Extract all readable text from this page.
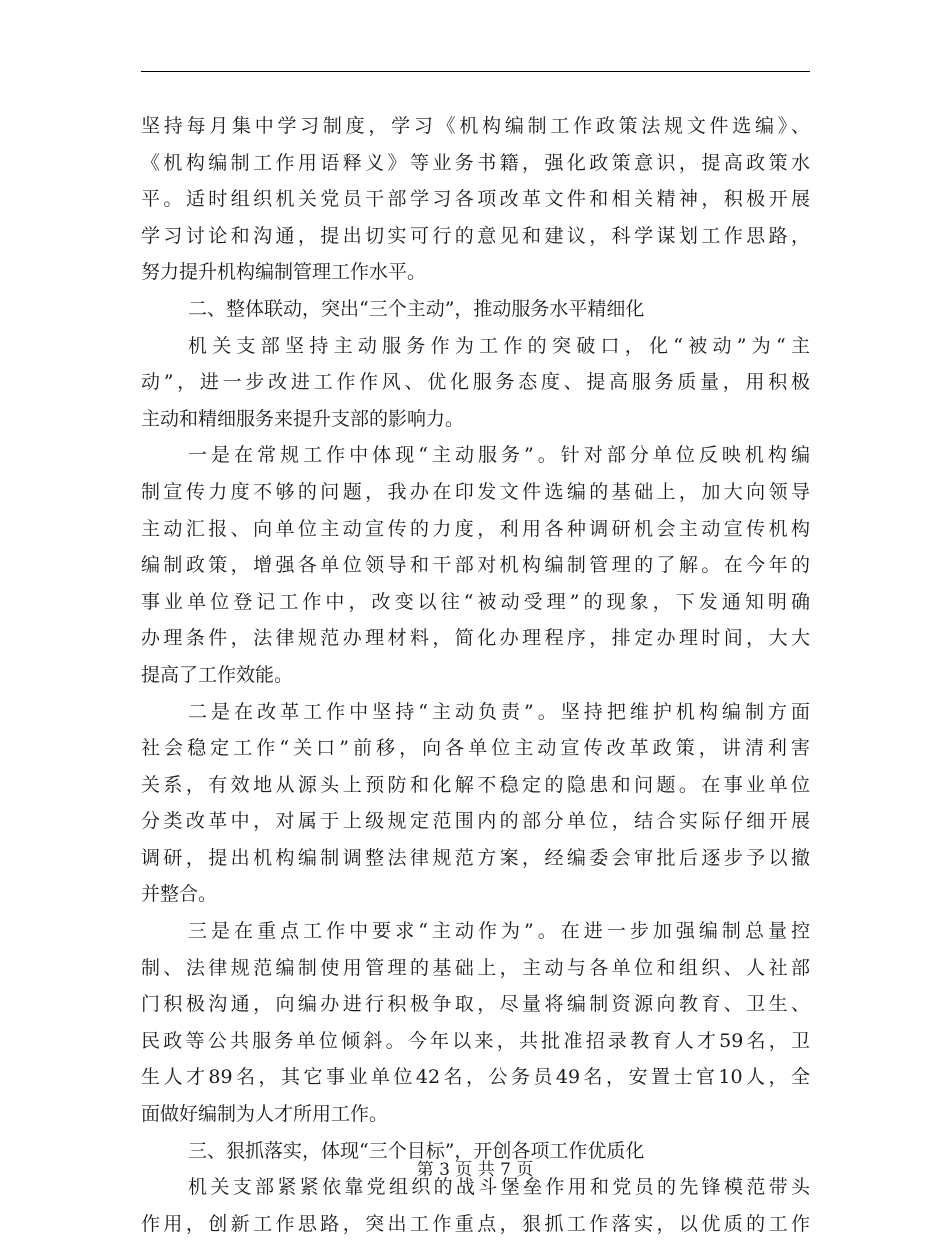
坚持每月集中学习制度，学习《机构编制工作政策法规文件选编》、
《机构编制工作用语释义》等业务书籍，强化政策意识，提高政策水
平。适时组织机关党员干部学习各项改革文件和相关精神，积极开展
学习讨论和沟通，提出切实可行的意见和建议，科学谋划工作思路，
努力提升机构编制管理工作水平。
二、整体联动，突出“三个主动”，推动服务水平精细化
机关支部坚持主动服务作为工作的突破口，化“被动”为“主
动”，进一步改进工作作风、优化服务态度、提高服务质量，用积极
主动和精细服务来提升支部的影响力。
一是在常规工作中体现“主动服务”。针对部分单位反映机构编
制宣传力度不够的问题，我办在印发文件选编的基础上，加大向领导
主动汇报、向单位主动宣传的力度，利用各种调研机会主动宣传机构
编制政策，增强各单位领导和干部对机构编制管理的了解。在今年的
事业单位登记工作中，改变以往“被动受理”的现象，下发通知明确
办理条件，法律规范办理材料，简化办理程序，排定办理时间，大大
提高了工作效能。
二是在改革工作中坚持“主动负责”。坚持把维护机构编制方面
社会稳定工作“关口”前移，向各单位主动宣传改革政策，讲清利害
关系，有效地从源头上预防和化解不稳定的隐患和问题。在事业单位
分类改革中，对属于上级规定范围内的部分单位，结合实际仔细开展
调研，提出机构编制调整法律规范方案，经编委会审批后逐步予以撤
并整合。
三是在重点工作中要求“主动作为”。在进一步加强编制总量控
制、法律规范编制使用管理的基础上，主动与各单位和组织、人社部
门积极沟通，向编办进行积极争取，尽量将编制资源向教育、卫生、
民政等公共服务单位倾斜。今年以来，共批准招录教育人才59名，卫
生人才89名，其它事业单位42名，公务员49名，安置士官10人，全
面做好编制为人才所用工作。
三、狠抓落实，体现“三个目标”，开创各项工作优质化
机关支部紧紧依靠党组织的战斗堡垒作用和党员的先锋模范带头
作用，创新工作思路，突出工作重点，狠抓工作落实，以优质的工作
第 3 页 共 7 页
